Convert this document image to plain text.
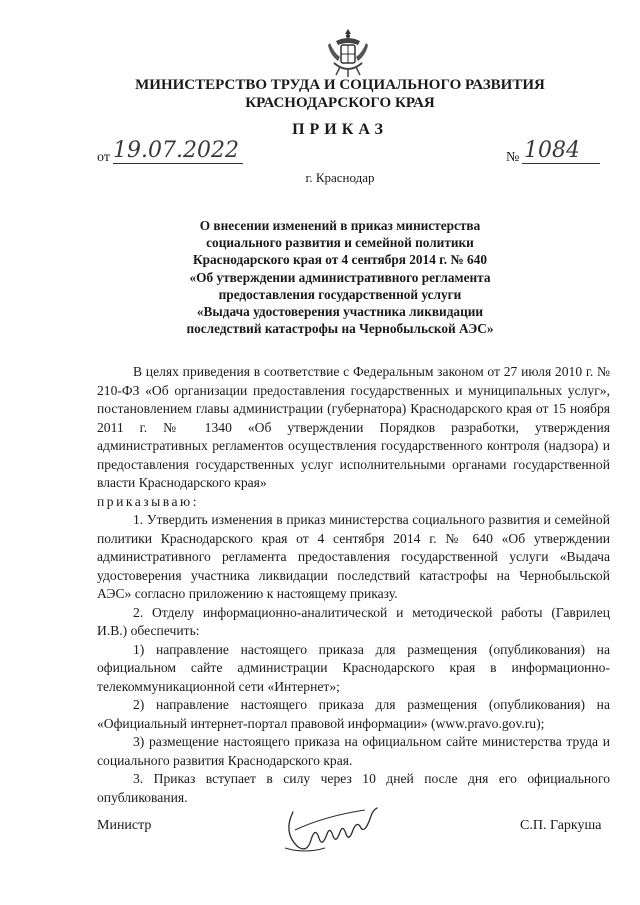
МИНИСТЕРСТВО ТРУДА И СОЦИАЛЬНОГО РАЗВИТИЯ
КРАСНОДАРСКОГО КРАЯ
ПРИКАЗ
от 19.07.2022	№ 1084
г. Краснодар
О внесении изменений в приказ министерства
социального развития и семейной политики
Краснодарского края от 4 сентября 2014 г. № 640
«Об утверждении административного регламента
предоставления государственной услуги
«Выдача удостоверения участника ликвидации
последствий катастрофы на Чернобыльской АЭС»

В целях приведения в соответствие с Федеральным законом от 27 июля 2010 г. № 210-ФЗ «Об организации предоставления государственных и муниципальных услуг», постановлением главы администрации (губернатора) Краснодарского края от 15 ноября 2011 г. № 1340 «Об утверждении Порядков разработки, утверждения административных регламентов осуществления государственного контроля (надзора) и предоставления государственных услуг исполнительными органами государственной власти Краснодарского края»

приказываю:

1. Утвердить изменения в приказ министерства социального развития и семейной политики Краснодарского края от 4 сентября 2014 г. № 640 «Об утверждении административного регламента предоставления государственной услуги «Выдача удостоверения участника ликвидации последствий катастрофы на Чернобыльской АЭС» согласно приложению к настоящему приказу.

2. Отделу информационно-аналитической и методической работы (Гаврилец И.В.) обеспечить:

1) направление настоящего приказа для размещения (опубликования) на официальном сайте администрации Краснодарского края в информационно-телекоммуникационной сети «Интернет»;

2) направление настоящего приказа для размещения (опубликования) на «Официальный интернет-портал правовой информации» (www.pravo.gov.ru);

3) размещение настоящего приказа на официальном сайте министерства труда и социального развития Краснодарского края.

3. Приказ вступает в силу через 10 дней после дня его официального опубликования.

Министр	С.П. Гаркуша
